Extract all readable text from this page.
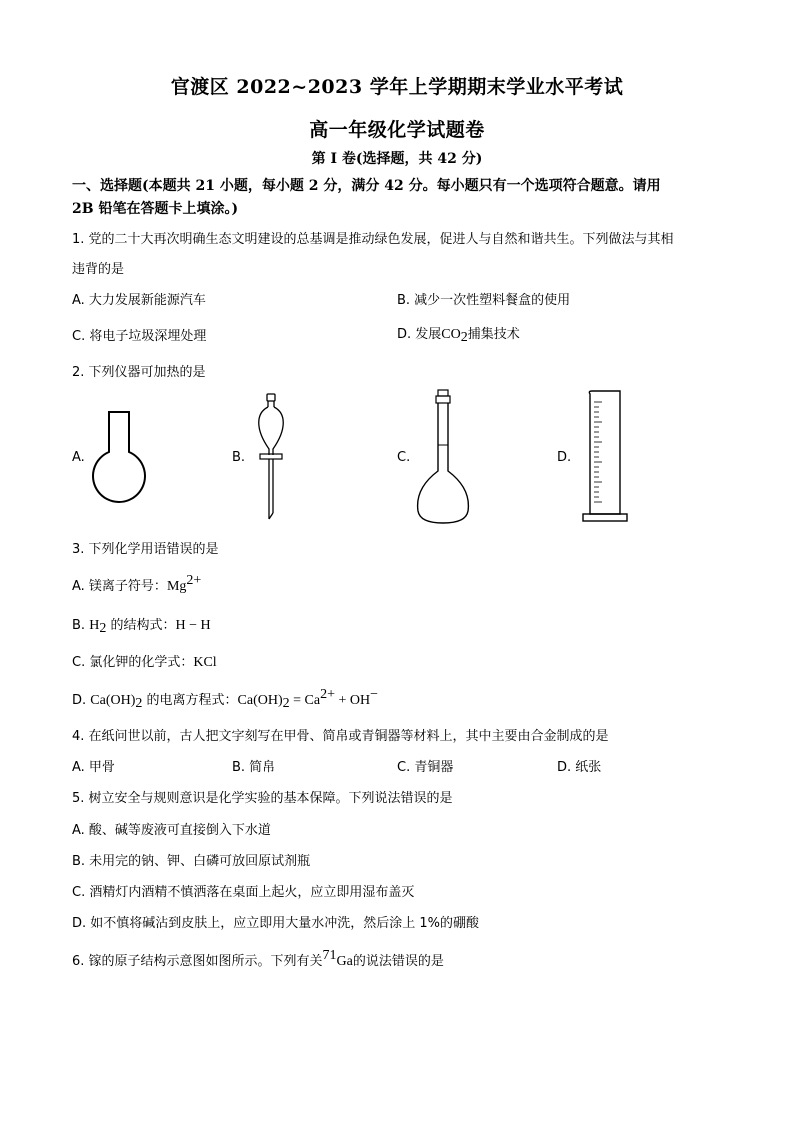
官渡区 2022~2023 学年上学期期末学业水平考试
高一年级化学试题卷
第 I 卷(选择题，共 42 分)
一、选择题(本题共 21 小题，每小题 2 分，满分 42 分。每小题只有一个选项符合题意。请用
2B 铅笔在答题卡上填涂。)
1. 党的二十大再次明确生态文明建设的总基调是推动绿色发展，促进人与自然和谐共生。下列做法与其相
违背的是
A. 大力发展新能源汽车	B. 减少一次性塑料餐盒的使用
C. 将电子垃圾深埋处理	D. 发展$CO_2$捕集技术
2. 下列仪器可加热的是
A.	B.	C.	D.
3. 下列化学用语错误的是
A. 镁离子符号：$Mg^{2+}$
B. $H_2$ 的结构式：H − H
C. 氯化钾的化学式：KCl
D. $Ca(OH)_2$ 的电离方程式：$Ca(OH)_2 = Ca^{2+} + OH^-$
4. 在纸问世以前，古人把文字刻写在甲骨、简帛或青铜器等材料上，其中主要由合金制成的是
A. 甲骨	B. 简帛	C. 青铜器	D. 纸张
5. 树立安全与规则意识是化学实验的基本保障。下列说法错误的是
A. 酸、碱等废液可直接倒入下水道
B. 未用完的钠、钾、白磷可放回原试剂瓶
C. 酒精灯内酒精不慎洒落在桌面上起火，应立即用湿布盖灭
D. 如不慎将碱沾到皮肤上，应立即用大量水冲洗，然后涂上 1%的硼酸
6. 镓的原子结构示意图如图所示。下列有关$^{71}$Ga的说法错误的是
